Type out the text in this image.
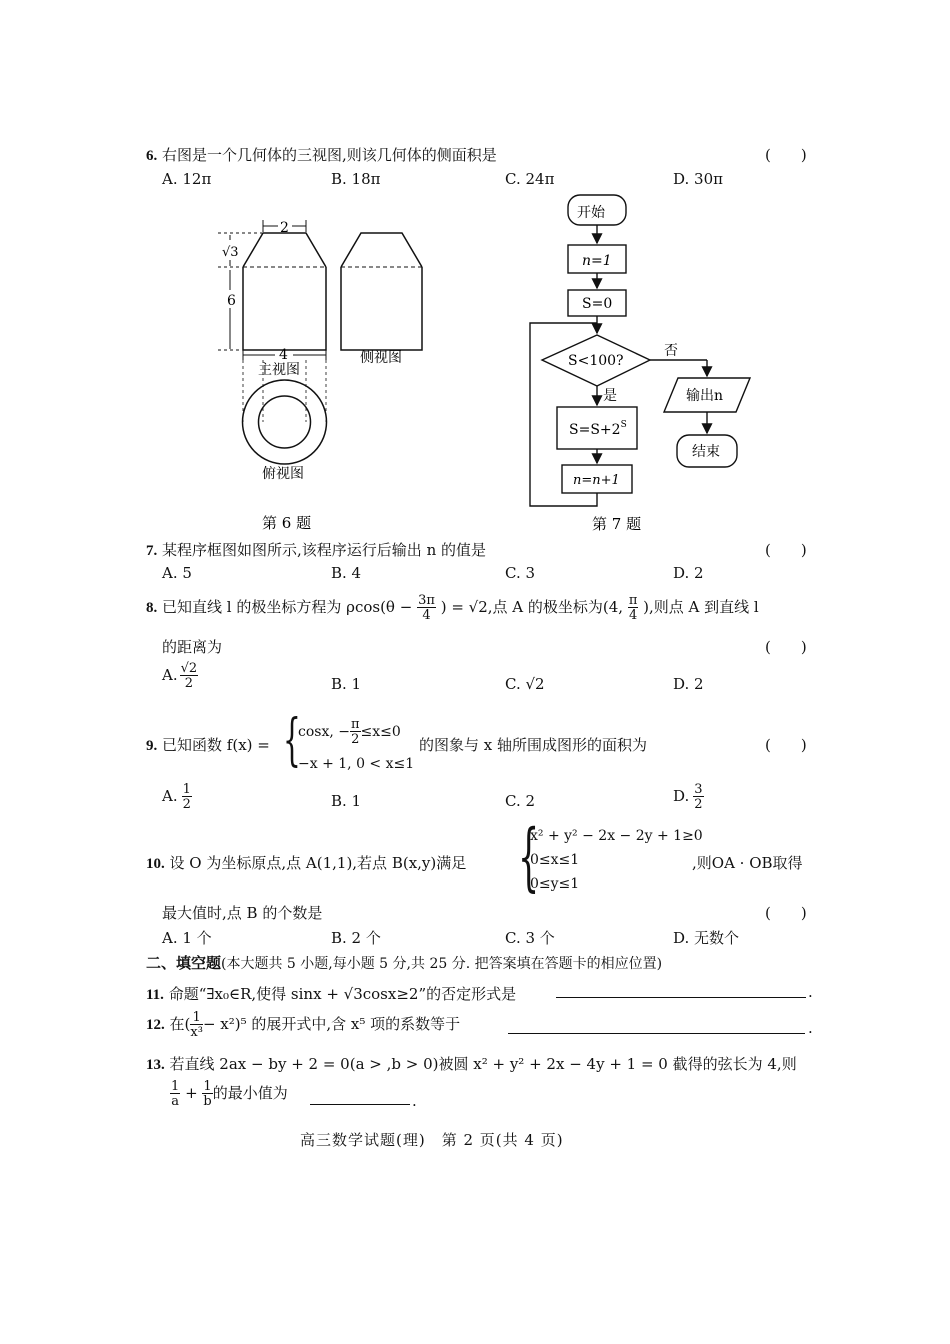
6. 右图是一个几何体的三视图,则该几何体的侧面积是	(　　)
A. 12π	B. 18π	C. 24π	D. 30π
2
√3
6
4
主视图
侧视图
俯视图
第 6 题
开始
n=1
S=0
S<100?
否
是
$S=S+2^S$
n=n+1
输出n
结束
第 7 题
7. 某程序框图如图所示,该程序运行后输出 n 的值是	(　　)
A. 5	B. 4	C. 3	D. 2
8. 已知直线 l 的极坐标方程为 $\rho\cos(\theta - \frac{3\pi}{4}$ ) = √2,点 A 的极坐标为(4, $\frac{\pi}{4}$ ),则点 A 到直线 l
的距离为	(　　)
A. $\frac{√2}{2}$	B. 1	C. √2	D. 2
9. 已知函数 f(x) = {
cosx, − $\frac{\pi}{2} \le x\le 0$
−x + 1, 0 < x≤1
的图象与 x 轴所围成图形的面积为	(　　)
A. $\frac{1}{2}$	B. 1	C. 2	D. $\frac{3}{2}$
10. 设 O 为坐标原点,点 A(1,1),若点 B(x,y)满足 {
x² + y² − 2x − 2y + 1≥0
0≤x≤1
0≤y≤1
,则OA · OB取得
最大值时,点 B 的个数是	(　　)
A. 1 个	B. 2 个	C. 3 个	D. 无数个
二、填空题(本大题共 5 小题,每小题 5 分,共 25 分. 把答案填在答题卡的相应位置)
11. 命题“∃x₀∈R,使得 sinx + √3cosx≥2”的否定形式是	.
12. 在( $\frac{1}{\text{x³}} - x^2)^5$ 的展开式中,含 x⁵ 项的系数等于	.
13. 若直线 2ax − by + 2 = 0(a > ,b > 0)被圆 x² + y² + 2x − 4y + 1 = 0 截得的弦长为 4,则
$\frac{1}{a} + \frac{1}{b}$ 的最小值为	.
高三数学试题(理)　第 2 页(共 4 页)
